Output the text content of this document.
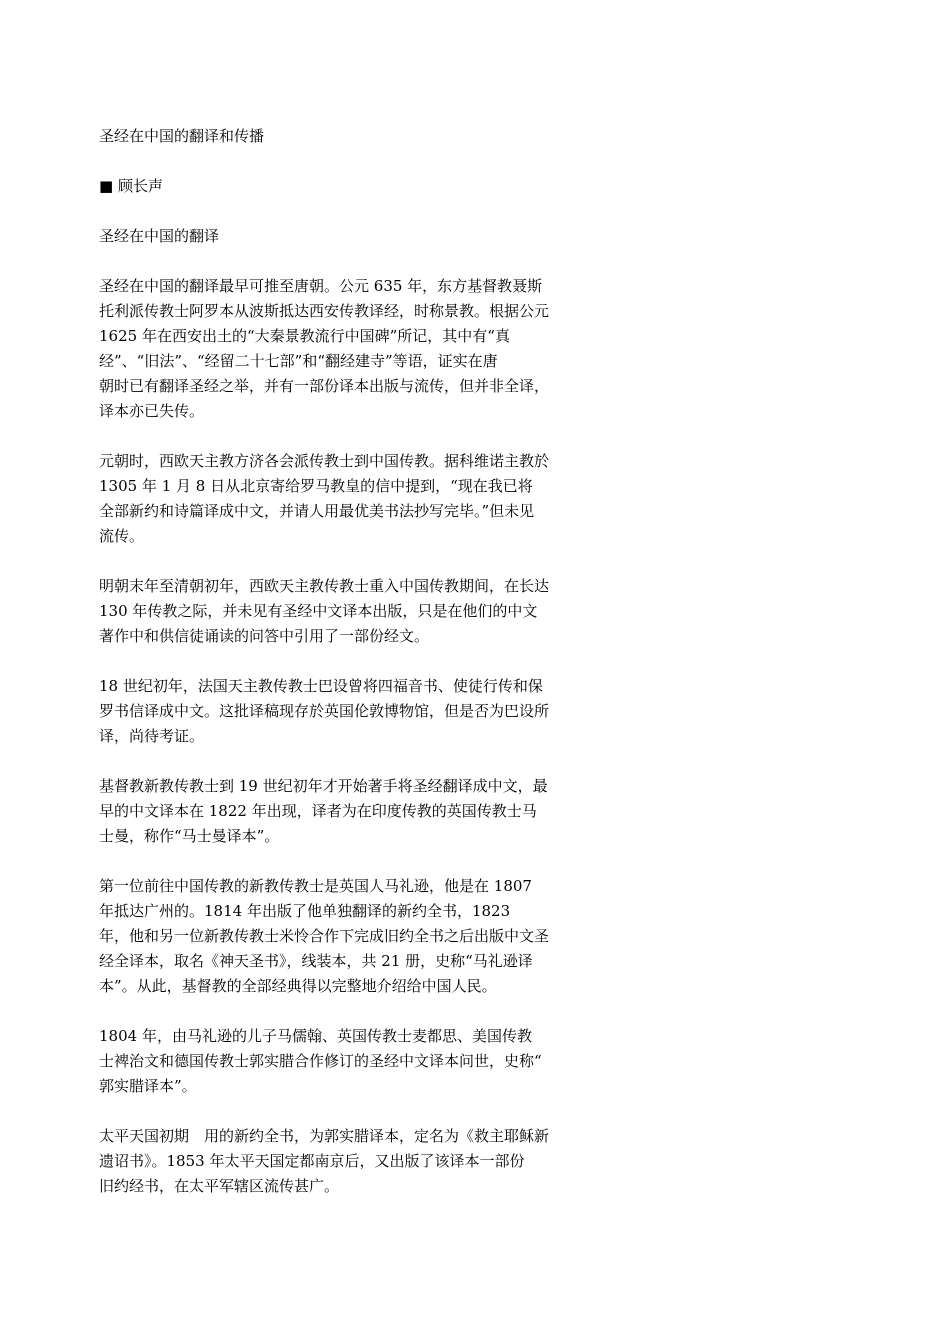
圣经在中国的翻译和传播
■ 顾长声
圣经在中国的翻译
圣经在中国的翻译最早可推至唐朝。公元 635 年，东方基督教聂斯
托利派传教士阿罗本从波斯抵达西安传教译经，时称景教。根据公元
1625 年在西安出土的“大秦景教流行中国碑”所记，其中有“真
经”、“旧法”、“经留二十七部”和“翻经建寺”等语，证实在唐
朝时已有翻译圣经之举，并有一部份译本出版与流传，但并非全译，
译本亦已失传。
元朝时，西欧天主教方济各会派传教士到中国传教。据科维诺主教於
1305 年 1 月 8 日从北京寄给罗马教皇的信中提到，“现在我已将
全部新约和诗篇译成中文，并请人用最优美书法抄写完毕。”但未见
流传。
明朝末年至清朝初年，西欧天主教传教士重入中国传教期间，在长达
130 年传教之际，并未见有圣经中文译本出版，只是在他们的中文
著作中和供信徒诵读的问答中引用了一部份经文。
18 世纪初年，法国天主教传教士巴设曾将四福音书、使徒行传和保
罗书信译成中文。这批译稿现存於英国伦敦博物馆，但是否为巴设所
译，尚待考证。
基督教新教传教士到 19 世纪初年才开始著手将圣经翻译成中文，最
早的中文译本在 1822 年出现，译者为在印度传教的英国传教士马
士曼，称作“马士曼译本”。
第一位前往中国传教的新教传教士是英国人马礼逊，他是在 1807
年抵达广州的。1814 年出版了他单独翻译的新约全书，1823
年，他和另一位新教传教士米怜合作下完成旧约全书之后出版中文圣
经全译本，取名《神天圣书》，线装本，共 21 册，史称“马礼逊译
本”。从此，基督教的全部经典得以完整地介绍给中国人民。
1804 年，由马礼逊的儿子马儒翰、英国传教士麦都思、美国传教
士裨治文和德国传教士郭实腊合作修订的圣经中文译本问世，史称“
郭实腊译本”。
太平天国初期　用的新约全书，为郭实腊译本，定名为《救主耶稣新
遗诏书》。1853 年太平天国定都南京后，又出版了该译本一部份
旧约经书，在太平军辖区流传甚广。
